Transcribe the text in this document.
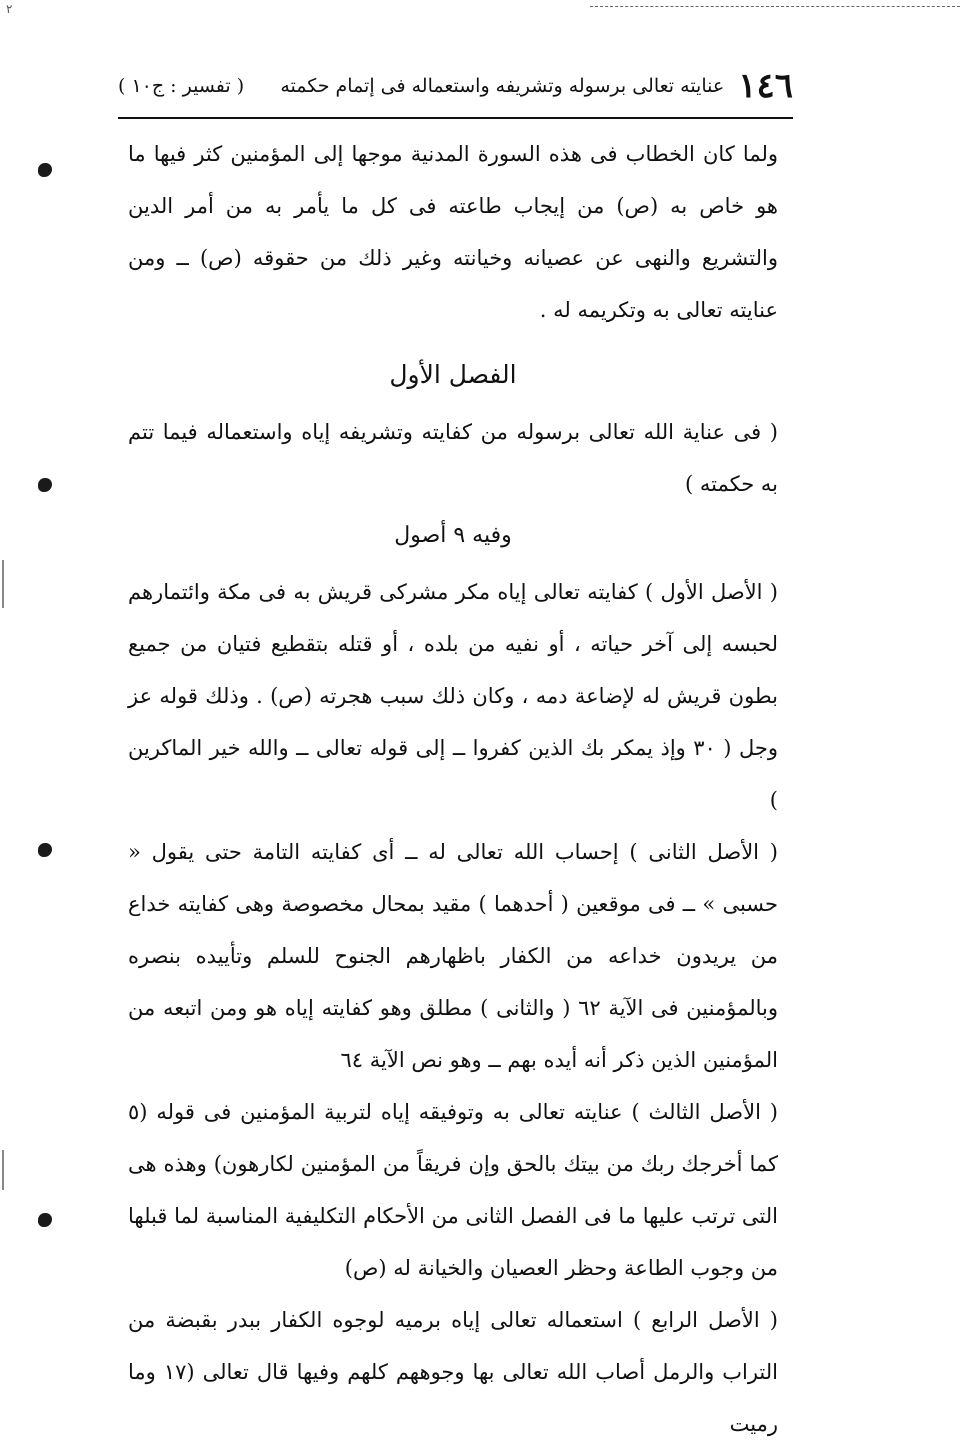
٢
١٤٦
عنايته تعالى برسوله وتشريفه واستعماله فى إتمام حكمته
( تفسير : ج١٠ )

ولما كان الخطاب فى هذه السورة المدنية موجها إلى المؤمنين كثر فيها ما هو خاص به (ص) من إيجاب طاعته فى كل ما يأمر به من أمر الدين والتشريع والنهى عن عصيانه وخيانته وغير ذلك من حقوقه (ص) ــ ومن عنايته تعالى به وتكريمه له .

الفصل الأول

( فى عناية الله تعالى برسوله من كفايته وتشريفه إياه واستعماله فيما تتم به حكمته )

وفيه ٩ أصول

( الأصل الأول ) كفايته تعالى إياه مكر مشركى قريش به فى مكة وائتمارهم لحبسه إلى آخر حياته ، أو نفيه من بلده ، أو قتله بتقطيع فتيان من جميع بطون قريش له لإضاعة دمه ، وكان ذلك سبب هجرته (ص) . وذلك قوله عز وجل ( ٣٠ وإذ يمكر بك الذين كفروا ــ إلى قوله تعالى ــ والله خير الماكرين )

( الأصل الثانى ) إحساب الله تعالى له ــ أى كفايته التامة حتى يقول « حسبى » ــ فى موقعين ( أحدهما ) مقيد بمحال مخصوصة وهى كفايته خداع من يريدون خداعه من الكفار باظهارهم الجنوح للسلم وتأييده بنصره وبالمؤمنين فى الآية ٦٢ ( والثانى ) مطلق وهو كفايته إياه هو ومن اتبعه من المؤمنين الذين ذكر أنه أيده بهم ــ وهو نص الآية ٦٤

( الأصل الثالث ) عنايته تعالى به وتوفيقه إياه لتربية المؤمنين فى قوله (٥ كما أخرجك ربك من بيتك بالحق وإن فريقاً من المؤمنين لكارهون) وهذه هى التى ترتب عليها ما فى الفصل الثانى من الأحكام التكليفية المناسبة لما قبلها من وجوب الطاعة وحظر العصيان والخيانة له (ص)

( الأصل الرابع ) استعماله تعالى إياه برميه لوجوه الكفار ببدر بقبضة من التراب والرمل أصاب الله تعالى بها وجوههم كلهم وفيها قال تعالى (١٧ وما رميت
